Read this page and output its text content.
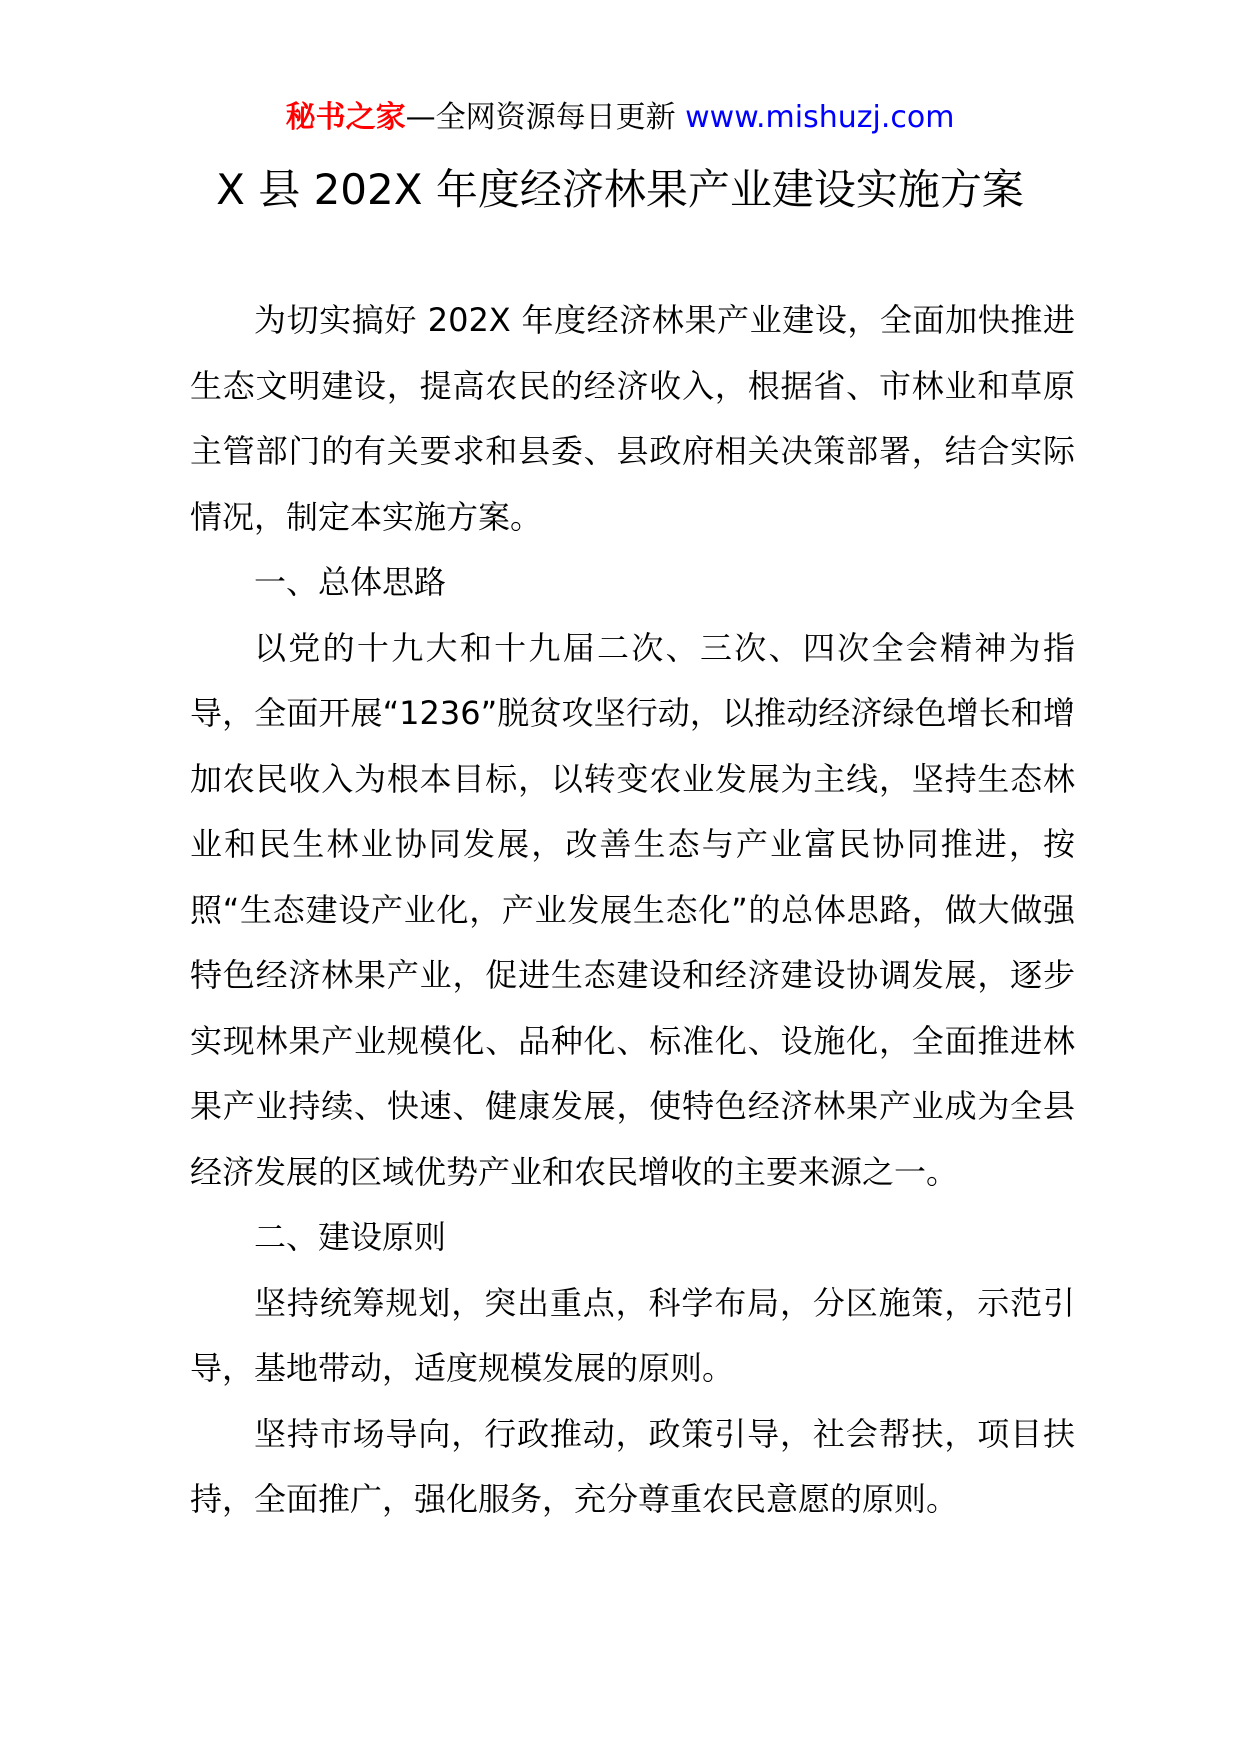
秘书之家—全网资源每日更新 www.mishuzj.com
X 县 202X 年度经济林果产业建设实施方案

为切实搞好 202X 年度经济林果产业建设，全面加快推进生态文明建设，提高农民的经济收入，根据省、市林业和草原主管部门的有关要求和县委、县政府相关决策部署，结合实际情况，制定本实施方案。

一、总体思路

以党的十九大和十九届二次、三次、四次全会精神为指导，全面开展“1236”脱贫攻坚行动，以推动经济绿色增长和增加农民收入为根本目标，以转变农业发展为主线，坚持生态林业和民生林业协同发展，改善生态与产业富民协同推进，按照“生态建设产业化，产业发展生态化”的总体思路，做大做强特色经济林果产业，促进生态建设和经济建设协调发展，逐步实现林果产业规模化、品种化、标准化、设施化，全面推进林果产业持续、快速、健康发展，使特色经济林果产业成为全县经济发展的区域优势产业和农民增收的主要来源之一。

二、建设原则

坚持统筹规划，突出重点，科学布局，分区施策，示范引导，基地带动，适度规模发展的原则。

坚持市场导向，行政推动，政策引导，社会帮扶，项目扶持，全面推广，强化服务，充分尊重农民意愿的原则。
